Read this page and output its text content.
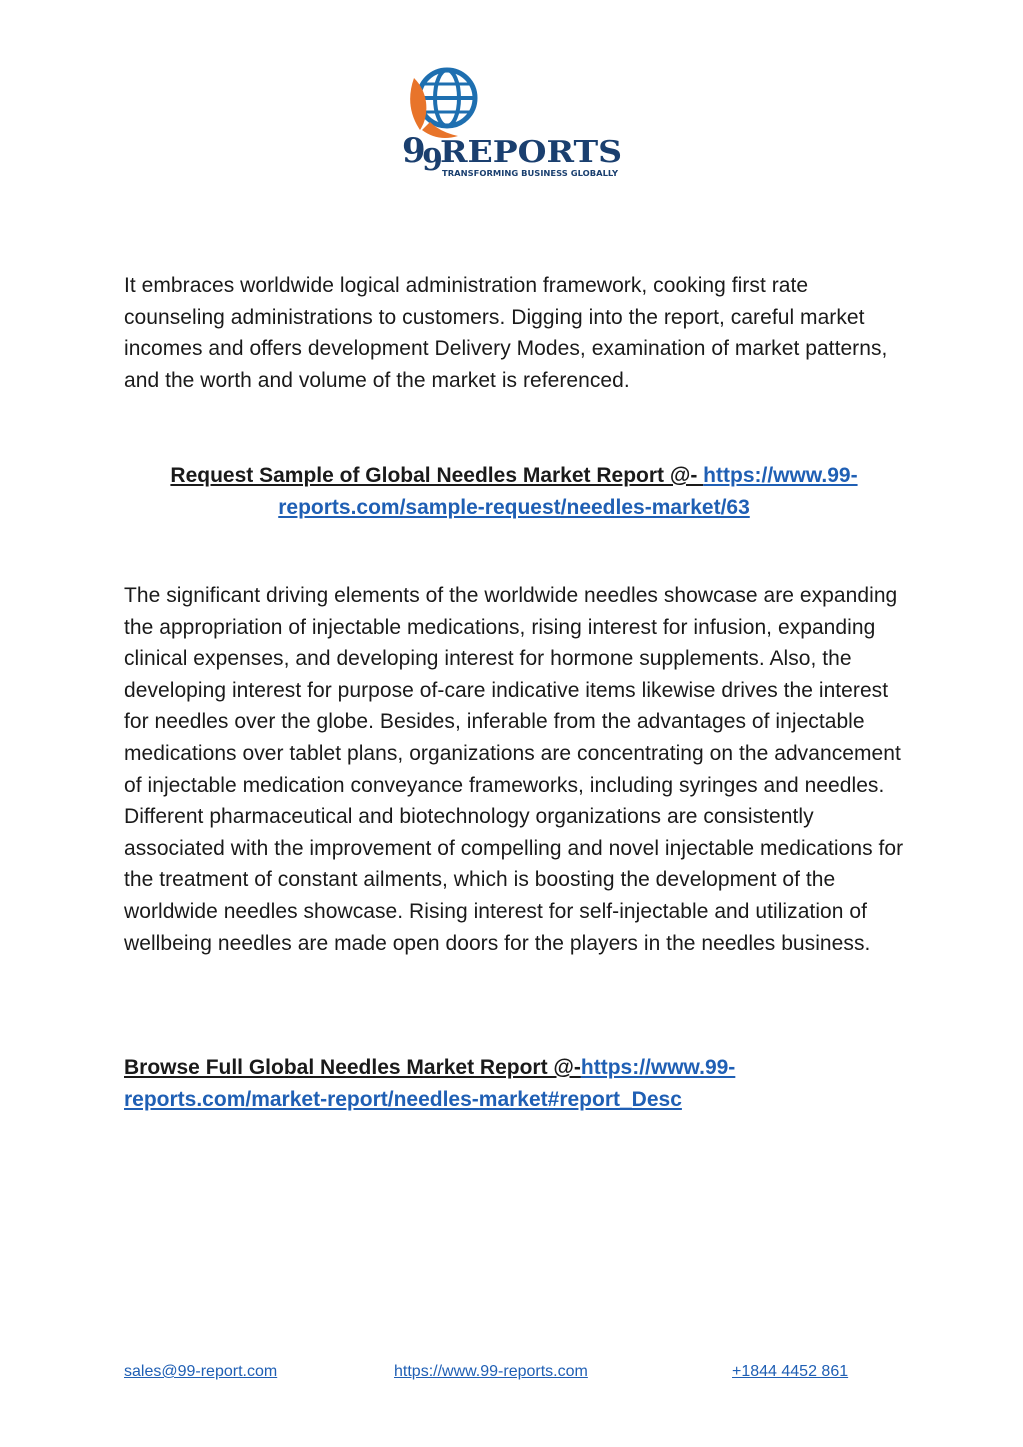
9
9
REPORTS
TRANSFORMING BUSINESS GLOBALLY

It embraces worldwide logical administration framework, cooking first rate counseling administrations to customers. Digging into the report, careful market incomes and offers development Delivery Modes, examination of market patterns, and the worth and volume of the market is referenced.

Request Sample of Global Needles Market Report @- https://www.99-reports.com/sample-request/needles-market/63

The significant driving elements of the worldwide needles showcase are expanding the appropriation of injectable medications, rising interest for infusion, expanding clinical expenses, and developing interest for hormone supplements. Also, the developing interest for purpose of-care indicative items likewise drives the interest for needles over the globe. Besides, inferable from the advantages of injectable medications over tablet plans, organizations are concentrating on the advancement of injectable medication conveyance frameworks, including syringes and needles. Different pharmaceutical and biotechnology organizations are consistently associated with the improvement of compelling and novel injectable medications for the treatment of constant ailments, which is boosting the development of the worldwide needles showcase. Rising interest for self-injectable and utilization of wellbeing needles are made open doors for the players in the needles business.

Browse Full Global Needles Market Report @-https://www.99-reports.com/market-report/needles-market#report_Desc
sales@99-report.com	https://www.99-reports.com	+1844 4452 861
